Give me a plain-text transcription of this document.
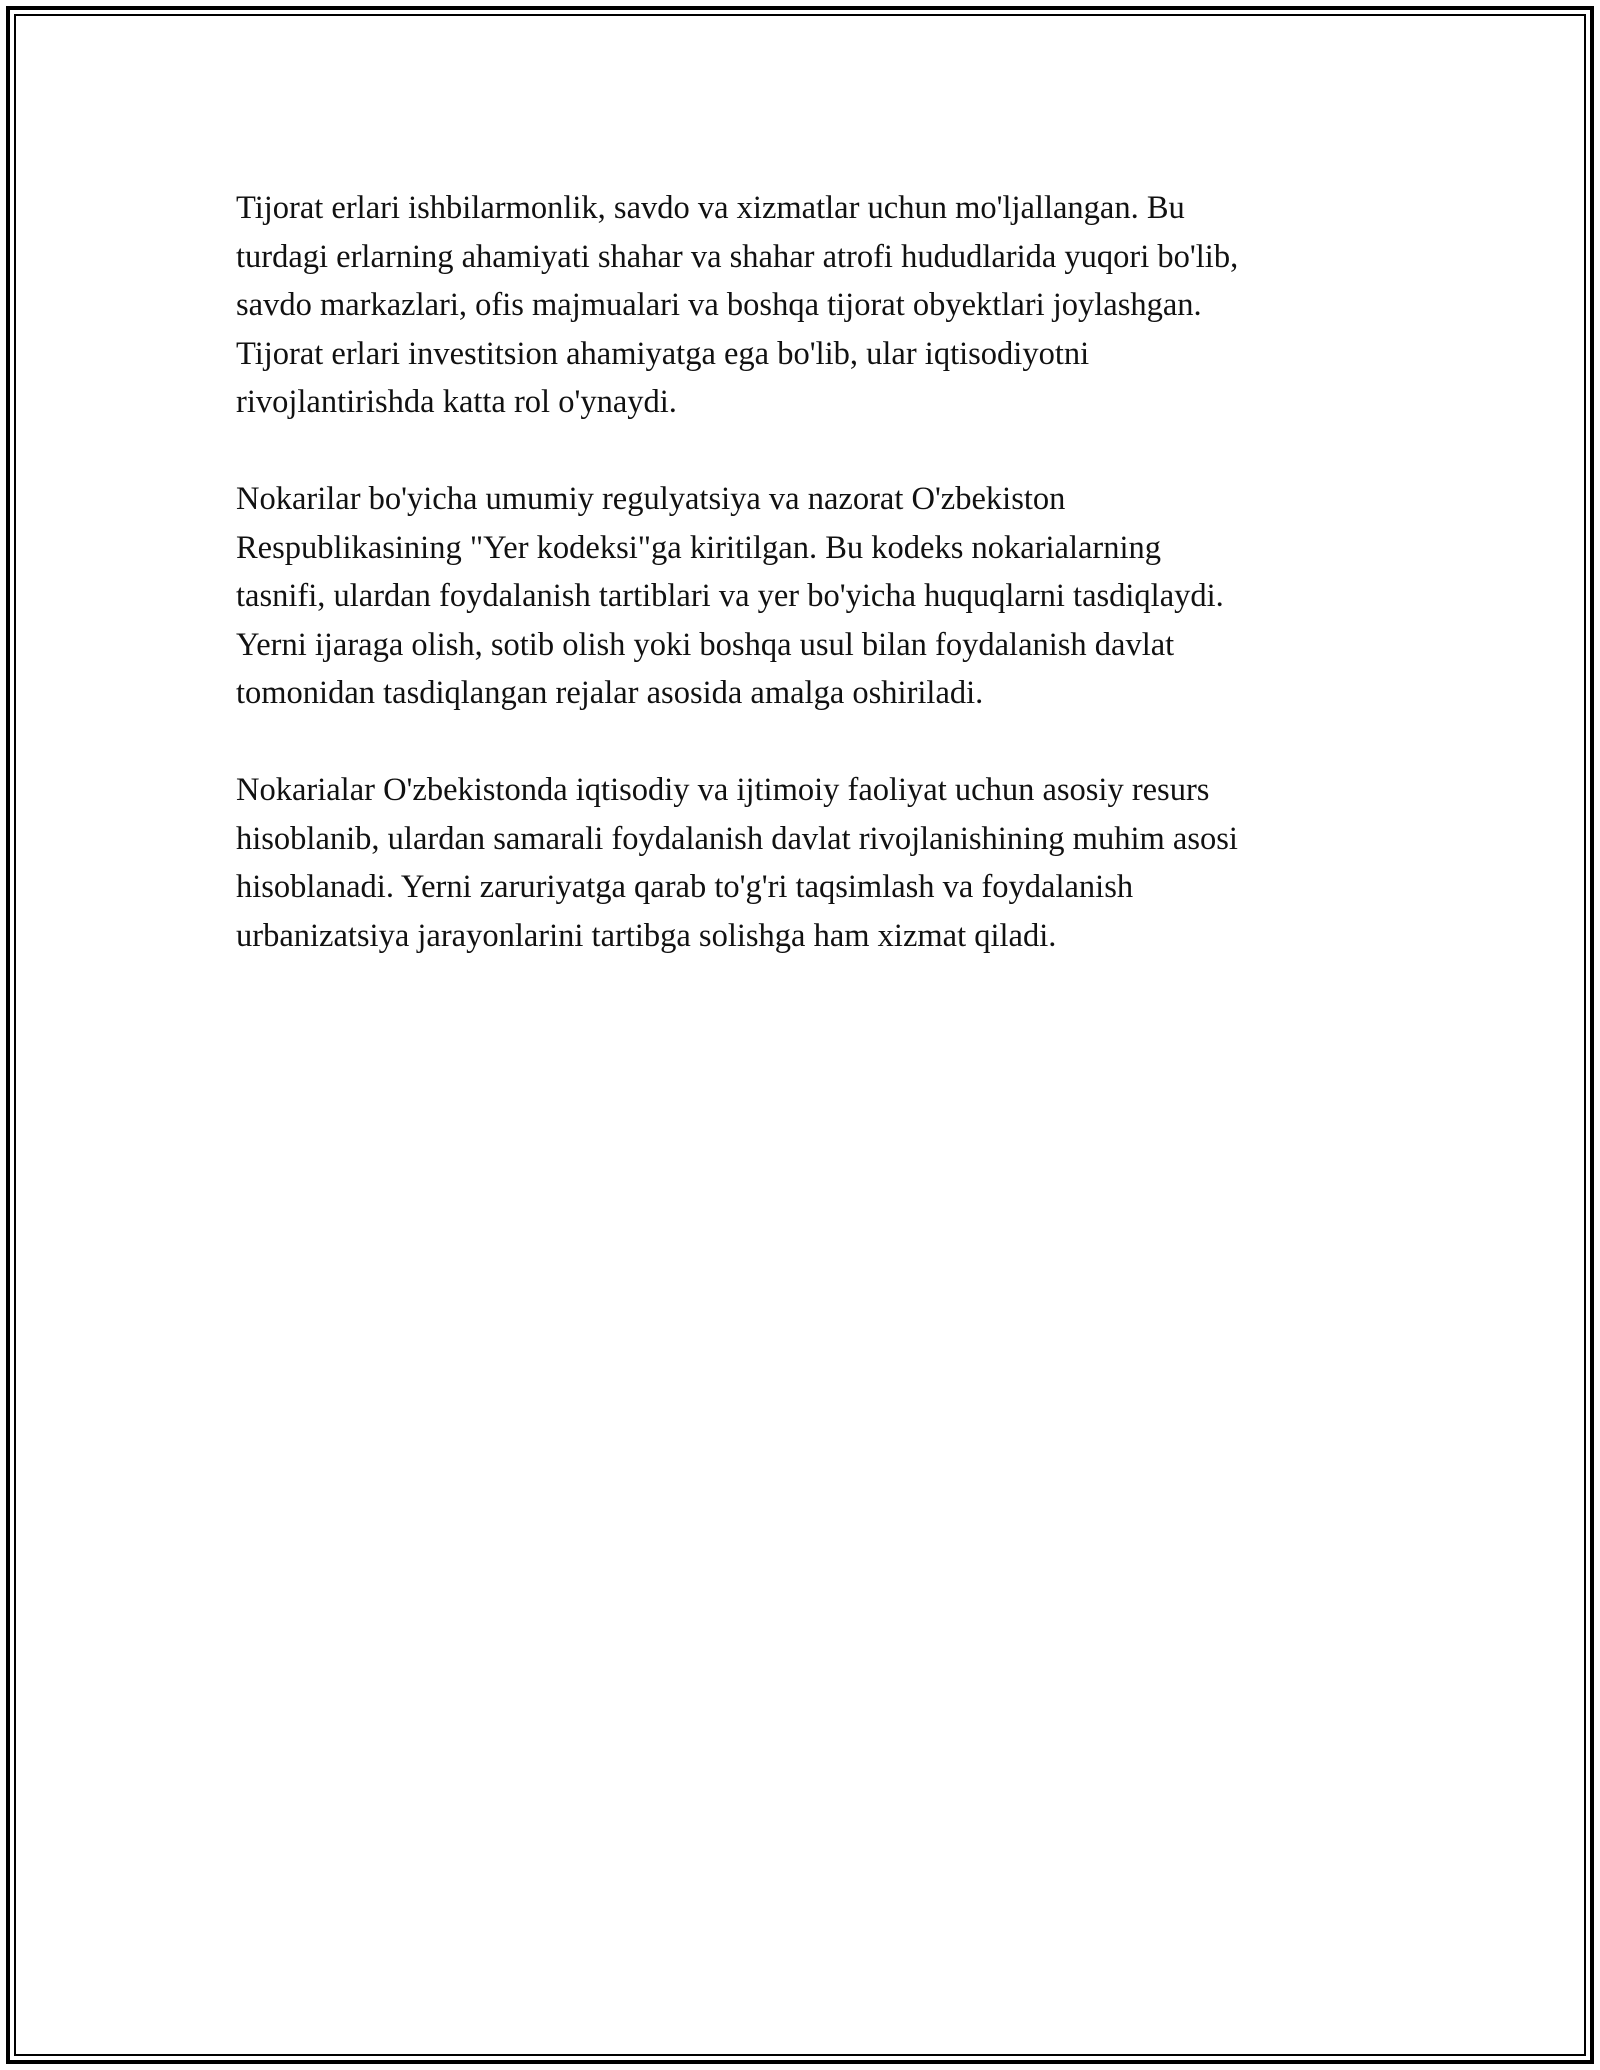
Tijorat erlari ishbilarmonlik, savdo va xizmatlar uchun mo'ljallangan. Bu
turdagi erlarning ahamiyati shahar va shahar atrofi hududlarida yuqori bo'lib,
savdo markazlari, ofis majmualari va boshqa tijorat obyektlari joylashgan.
Tijorat erlari investitsion ahamiyatga ega bo'lib, ular iqtisodiyotni
rivojlantirishda katta rol o'ynaydi.

Nokarilar bo'yicha umumiy regulyatsiya va nazorat O'zbekiston
Respublikasining "Yer kodeksi"ga kiritilgan. Bu kodeks nokarialarning
tasnifi, ulardan foydalanish tartiblari va yer bo'yicha huquqlarni tasdiqlaydi.
Yerni ijaraga olish, sotib olish yoki boshqa usul bilan foydalanish davlat
tomonidan tasdiqlangan rejalar asosida amalga oshiriladi.

Nokarialar O'zbekistonda iqtisodiy va ijtimoiy faoliyat uchun asosiy resurs
hisoblanib, ulardan samarali foydalanish davlat rivojlanishining muhim asosi
hisoblanadi. Yerni zaruriyatga qarab to'g'ri taqsimlash va foydalanish
urbanizatsiya jarayonlarini tartibga solishga ham xizmat qiladi.
